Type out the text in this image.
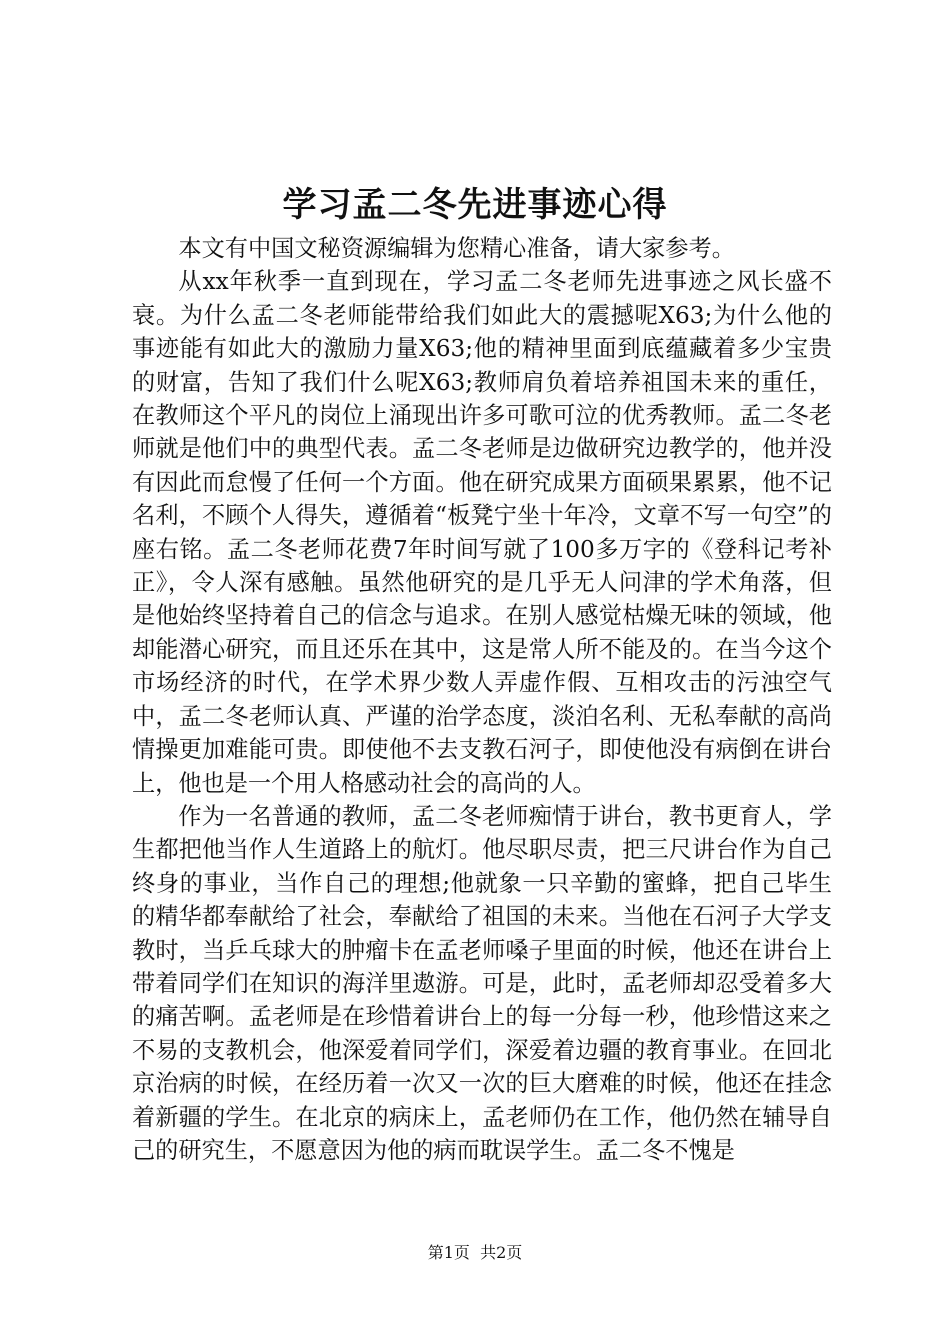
学习孟二冬先进事迹心得

本文有中国文秘资源编辑为您精心准备，请大家参考。

从xx年秋季一直到现在，学习孟二冬老师先进事迹之风长盛不衰。为什么孟二冬老师能带给我们如此大的震撼呢X63;为什么他的事迹能有如此大的激励力量X63;他的精神里面到底蕴藏着多少宝贵的财富，告知了我们什么呢X63;教师肩负着培养祖国未来的重任，在教师这个平凡的岗位上涌现出许多可歌可泣的优秀教师。孟二冬老师就是他们中的典型代表。孟二冬老师是边做研究边教学的，他并没有因此而怠慢了任何一个方面。他在研究成果方面硕果累累，他不记名利，不顾个人得失，遵循着“板凳宁坐十年冷，文章不写一句空”的座右铭。孟二冬老师花费7年时间写就了100多万字的《登科记考补正》，令人深有感触。虽然他研究的是几乎无人问津的学术角落，但是他始终坚持着自己的信念与追求。在别人感觉枯燥无味的领域，他却能潜心研究，而且还乐在其中，这是常人所不能及的。在当今这个市场经济的时代，在学术界少数人弄虚作假、互相攻击的污浊空气中，孟二冬老师认真、严谨的治学态度，淡泊名利、无私奉献的高尚情操更加难能可贵。即使他不去支教石河子，即使他没有病倒在讲台上，他也是一个用人格感动社会的高尚的人。

作为一名普通的教师，孟二冬老师痴情于讲台，教书更育人，学生都把他当作人生道路上的航灯。他尽职尽责，把三尺讲台作为自己终身的事业，当作自己的理想;他就象一只辛勤的蜜蜂，把自己毕生的精华都奉献给了社会，奉献给了祖国的未来。当他在石河子大学支教时，当乒乓球大的肿瘤卡在孟老师嗓子里面的时候，他还在讲台上带着同学们在知识的海洋里遨游。可是，此时，孟老师却忍受着多大的痛苦啊。孟老师是在珍惜着讲台上的每一分每一秒，他珍惜这来之不易的支教机会，他深爱着同学们，深爱着边疆的教育事业。在回北京治病的时候，在经历着一次又一次的巨大磨难的时候，他还在挂念着新疆的学生。在北京的病床上，孟老师仍在工作，他仍然在辅导自己的研究生，不愿意因为他的病而耽误学生。孟二冬不愧是

第1页 共2页
